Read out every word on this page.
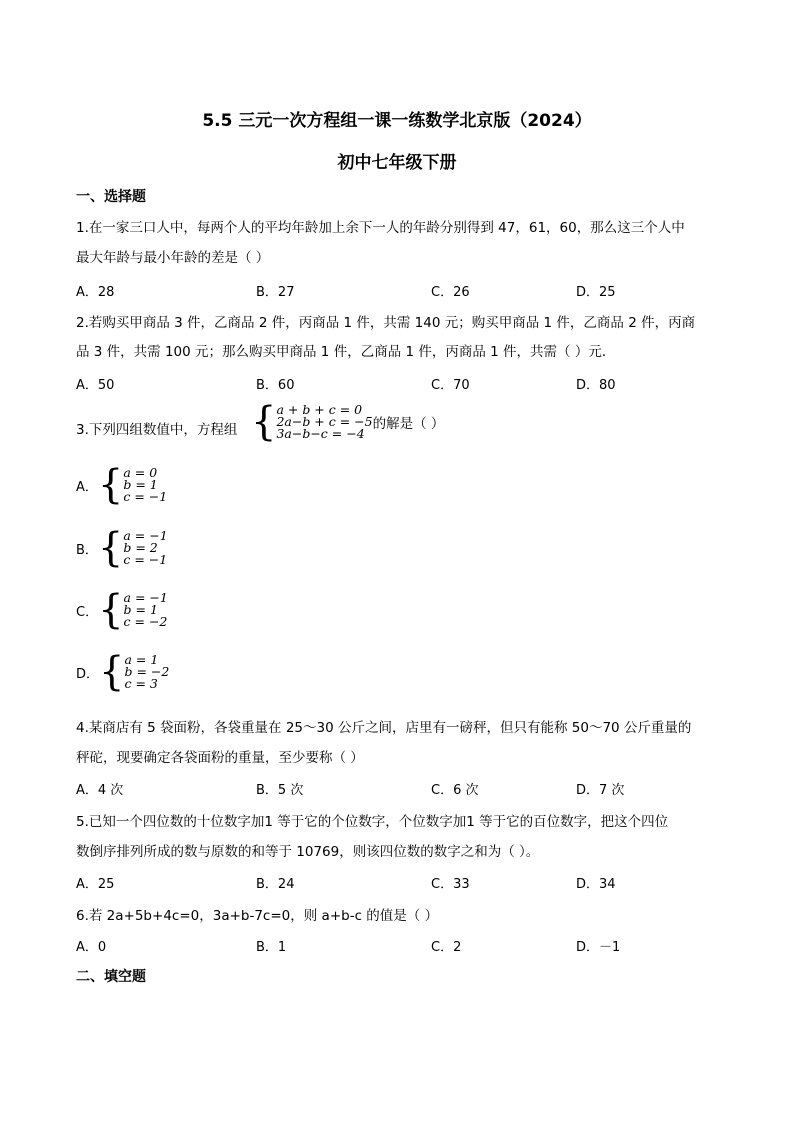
5.5 三元一次方程组一课一练数学北京版（2024）
初中七年级下册
一、选择题
1.在一家三口人中，每两个人的平均年龄加上余下一人的年龄分别得到 47，61，60，那么这三个人中
最大年龄与最小年龄的差是（ ）
A．28	B．27	C．26	D．25
2.若购买甲商品 3 件，乙商品 2 件，丙商品 1 件，共需 140 元；购买甲商品 1 件，乙商品 2 件，丙商
品 3 件，共需 100 元；那么购买甲商品 1 件，乙商品 1 件，丙商品 1 件，共需（ ）元．
A．50	B．60	C．70	D．80
3.下列四组数值中，方程组 { a + b + c = 0
2a−b + c = −5
3a−b−c = −4
的解是（ ）
A． { a = 0
b = 1
c = −1
B． { a = −1
b = 2
c = −1
C． { a = −1
b = 1
c = −2
D． { a = 1
b = −2
c = 3
4.某商店有 5 袋面粉，各袋重量在 25～30 公斤之间，店里有一磅秤，但只有能称 50～70 公斤重量的
秤砣，现要确定各袋面粉的重量，至少要称（ ）
A．4 次	B．5 次	C．6 次	D．7 次
5.已知一个四位数的十位数字加1 等于它的个位数字，个位数字加1 等于它的百位数字，把这个四位
数倒序排列所成的数与原数的和等于 10769，则该四位数的数字之和为（ ）。
A．25	B．24	C．33	D．34
6.若 2a+5b+4c=0，3a+b-7c=0，则 a+b-c 的值是（ ）
A．0	B．1	C．2	D．－1
二、填空题
